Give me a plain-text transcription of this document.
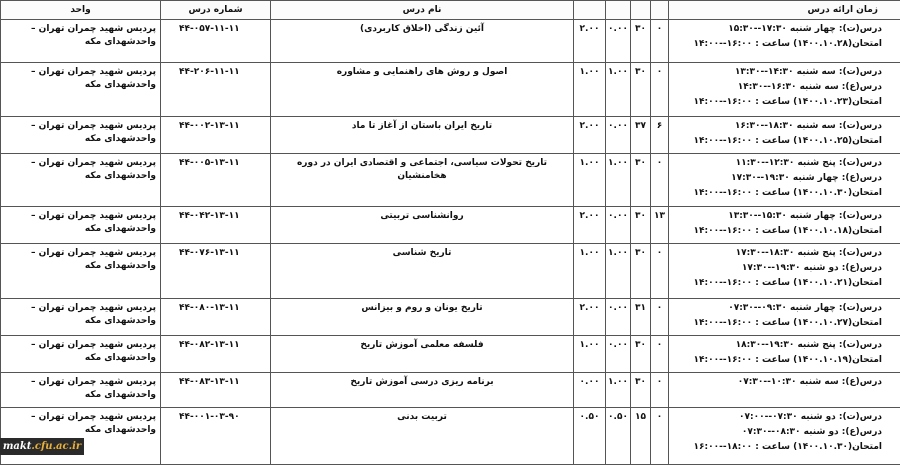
واحد	شماره درس	نام درس					زمان ارائه درس
پردیس شهید چمران تهران – واحدشهدای مکه	۴۴-۰۵۷-۱۱-۱۱	آئین زندگی (اخلاق کاربردی)	۲.۰۰	۰.۰۰	۳۰	۰	درس(ت): چهار شنبه ۱۷:۳۰--۱۵:۳۰
امتحان(۱۴۰۰.۱۰.۲۸) ساعت : ۱۶:۰۰--۱۴:۰۰

پردیس شهید چمران تهران – واحدشهدای مکه	۴۴-۲۰۶-۱۱-۱۱	اصول و روش های راهنمایی و مشاوره	۱.۰۰	۱.۰۰	۳۰	۰	درس(ت): سه شنبه ۱۴:۳۰--۱۳:۳۰
درس(ع): سه شنبه ۱۶:۳۰--۱۴:۳۰
امتحان(۱۴۰۰.۱۰.۲۳) ساعت : ۱۶:۰۰--۱۴:۰۰

پردیس شهید چمران تهران – واحدشهدای مکه	۴۴-۰۰۲-۱۳-۱۱	تاریخ ایران باستان از آغاز تا ماد	۲.۰۰	۰.۰۰	۳۷	۶	درس(ت): سه شنبه ۱۸:۳۰--۱۶:۳۰
امتحان(۱۴۰۰.۱۰.۲۵) ساعت : ۱۶:۰۰--۱۴:۰۰

پردیس شهید چمران تهران – واحدشهدای مکه	۴۴-۰۰۵-۱۳-۱۱	تاریخ تحولات سیاسی، اجتماعی و اقتصادی ایران در دوره هخامنشیان	۱.۰۰	۱.۰۰	۳۰	۰	درس(ت): پنج شنبه ۱۲:۳۰--۱۱:۳۰
درس(ع): چهار شنبه ۱۹:۳۰--۱۷:۳۰
امتحان(۱۴۰۰.۱۰.۳۰) ساعت : ۱۶:۰۰--۱۴:۰۰

پردیس شهید چمران تهران – واحدشهدای مکه	۴۴-۰۴۲-۱۳-۱۱	روانشناسی تربیتی	۲.۰۰	۰.۰۰	۳۰	۱۳	درس(ت): چهار شنبه ۱۵:۳۰--۱۳:۳۰
امتحان(۱۴۰۰.۱۰.۱۸) ساعت : ۱۶:۰۰--۱۴:۰۰

پردیس شهید چمران تهران – واحدشهدای مکه	۴۴-۰۷۶-۱۳-۱۱	تاریخ شناسی	۱.۰۰	۱.۰۰	۳۰	۰	درس(ت): پنج شنبه ۱۸:۳۰--۱۷:۳۰
درس(ع): دو شنبه ۱۹:۳۰--۱۷:۳۰
امتحان(۱۴۰۰.۱۰.۲۱) ساعت : ۱۶:۰۰--۱۴:۰۰

پردیس شهید چمران تهران – واحدشهدای مکه	۴۴-۰۸۰-۱۳-۱۱	تاریخ یونان و روم و بیزانس	۲.۰۰	۰.۰۰	۳۱	۰	درس(ت): چهار شنبه ۰۹:۳۰--۰۷:۳۰
امتحان(۱۴۰۰.۱۰.۲۷) ساعت : ۱۶:۰۰--۱۴:۰۰

پردیس شهید چمران تهران – واحدشهدای مکه	۴۴-۰۸۲-۱۳-۱۱	فلسفه معلمی آموزش تاریخ	۱.۰۰	۰.۰۰	۳۰	۰	درس(ت): پنج شنبه ۱۹:۳۰--۱۸:۳۰
امتحان(۱۴۰۰.۱۰.۱۹) ساعت : ۱۶:۰۰--۱۴:۰۰

پردیس شهید چمران تهران – واحدشهدای مکه	۴۴-۰۸۳-۱۳-۱۱	برنامه ریزی درسی آموزش تاریخ	۰.۰۰	۱.۰۰	۳۰	۰	درس(ع): سه شنبه ۱۰:۳۰--۰۷:۳۰

پردیس شهید چمران تهران – واحدشهدای مکه	۴۴-۰۰۱-۰۳-۹۰	تربیت بدنی	۰.۵۰	۰.۵۰	۱۵	۰	درس(ت): دو شنبه ۰۷:۳۰--۰۷:۰۰
درس(ع): دو شنبه ۰۸:۳۰--۰۷:۳۰
امتحان(۱۴۰۰.۱۰.۳۰) ساعت : ۱۸:۰۰--۱۶:۰۰
makt.cfu.ac.ir
